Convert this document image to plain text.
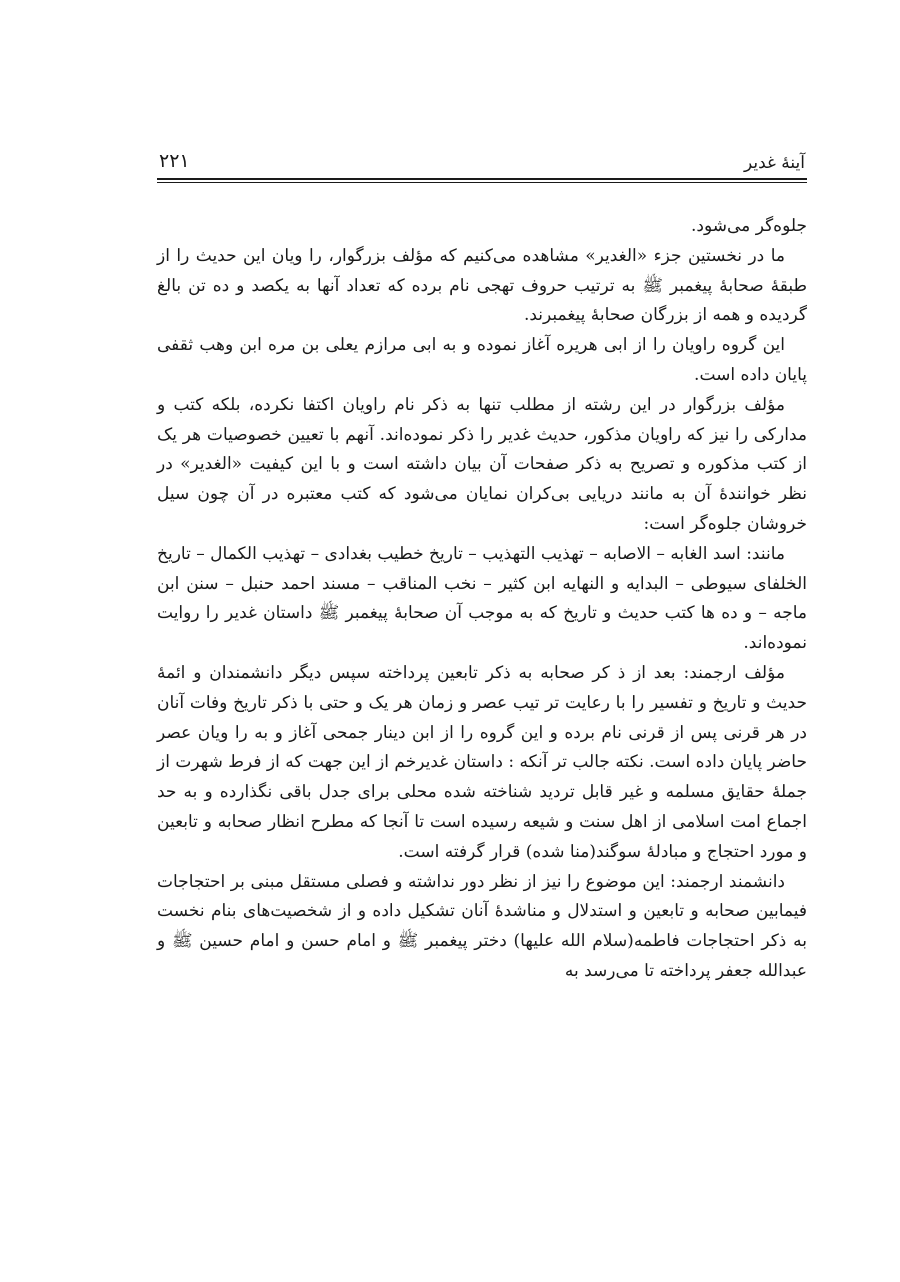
آینهٔ غدیر
۲۲۱

جلوه‌گر می‌شود.

ما در نخستین جزء «الغدیر» مشاهده می‌کنیم که مؤلف بزرگوار، را ویان این حدیث را از طبقهٔ صحابهٔ پیغمبر ﷺ به ترتیب حروف تهجی نام برده که تعداد آنها به یکصد و ده تن بالغ گردیده و همه از بزرگان صحابهٔ پیغمبرند.

این گروه راویان را از ابی هریره آغاز نموده و به ابی مرازم یعلی بن مره ابن وهب ثقفی پایان داده است.

مؤلف بزرگوار در این رشته از مطلب تنها به ذکر نام راویان اکتفا نکرده، بلکه کتب و مدارکی را نیز که راویان مذکور، حدیث غدیر را ذکر نموده‌اند. آنهم با تعیین خصوصیات هر یک از کتب مذکوره و تصریح به ذکر صفحات آن بیان داشته است و با این کیفیت «الغدیر» در نظر خوانندهٔ آن به مانند دریایی بی‌کران نمایان می‌شود که کتب معتبره در آن چون سیل خروشان جلوه‌گر است:

مانند: اسد الغابه – الاصابه – تهذیب التهذیب – تاریخ خطیب بغدادی – تهذیب الکمال – تاریخ الخلفای سیوطی – البدایه و النهایه ابن کثیر – نخب المناقب – مسند احمد حنبل – سنن ابن ماجه – و ده ها کتب حدیث و تاریخ که به موجب آن صحابهٔ پیغمبر ﷺ داستان غدیر را روایت نموده‌اند.

مؤلف ارجمند: بعد از ذ کر صحابه به ذکر تابعین پرداخته سپس دیگر دانشمندان و ائمهٔ حدیث و تاریخ و تفسیر را با رعایت تر تیب عصر و زمان هر یک و حتی با ذکر تاریخ وفات آنان در هر قرنی پس از قرنی نام برده و این گروه را از ابن دینار جمحی آغاز و به را ویان عصر حاضر پایان داده است. نکته جالب تر آنکه : داستان غدیرخم از این جهت که از فرط شهرت از جملهٔ حقایق مسلمه و غیر قابل تردید شناخته شده محلی برای جدل باقی نگذارده و به حد اجماع امت اسلامی از اهل سنت و شیعه رسیده است تا آنجا که مطرح انظار صحابه و تابعین و مورد احتجاج و مبادلهٔ سوگند(منا شده) قرار گرفته است.

دانشمند ارجمند: این موضوع را نیز از نظر دور نداشته و فصلی مستقل مبنی بر احتجاجات فیمابین صحابه و تابعین و استدلال و مناشدهٔ آنان تشکیل داده و از شخصیت‌های بنام نخست به ذکر احتجاجات فاطمه(سلام الله علیها) دختر پیغمبر ﷺ و امام حسن و امام حسین ﷺ و عبدالله جعفر پرداخته تا می‌رسد به
